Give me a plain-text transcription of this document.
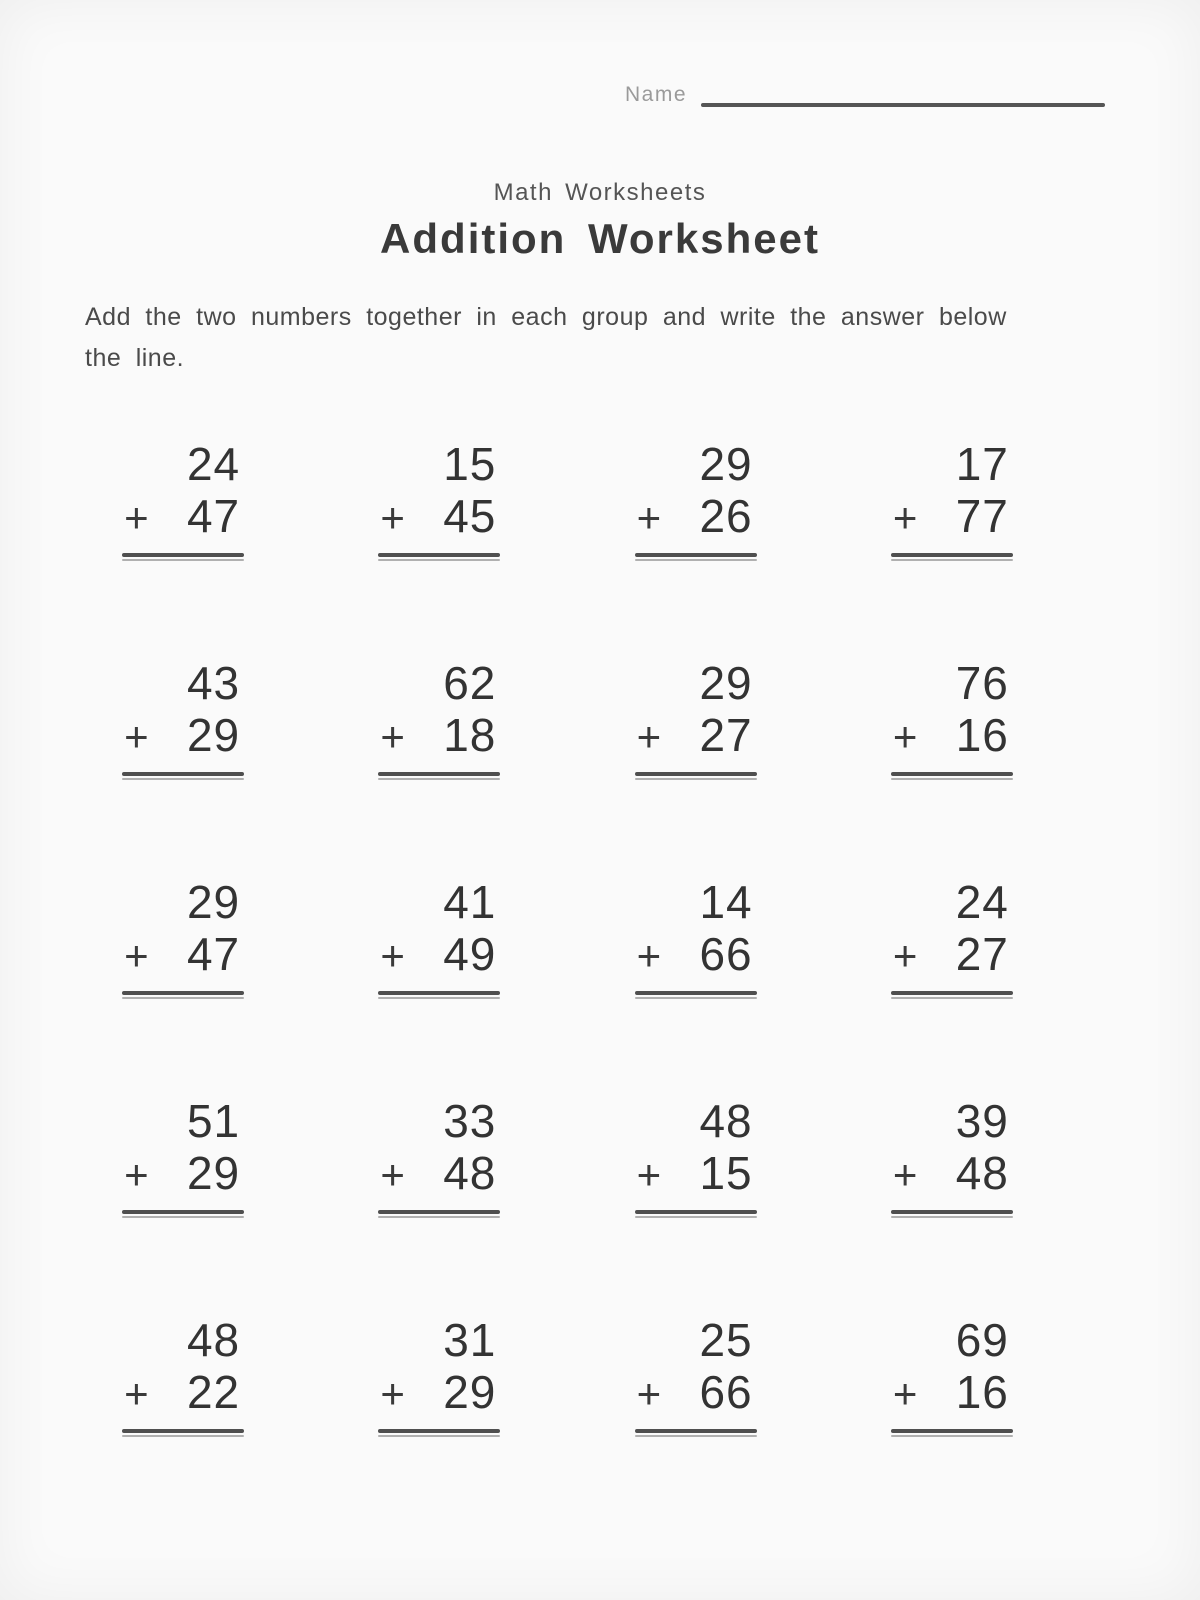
Name
Math Worksheets
Addition Worksheet

Add the two numbers together in each group and write the answer below the line.

24
+ 47
15
+ 45
29
+ 26
17
+ 77
43
+ 29
62
+ 18
29
+ 27
76
+ 16
29
+ 47
41
+ 49
14
+ 66
24
+ 27
51
+ 29
33
+ 48
48
+ 15
39
+ 48
48
+ 22
31
+ 29
25
+ 66
69
+ 16
